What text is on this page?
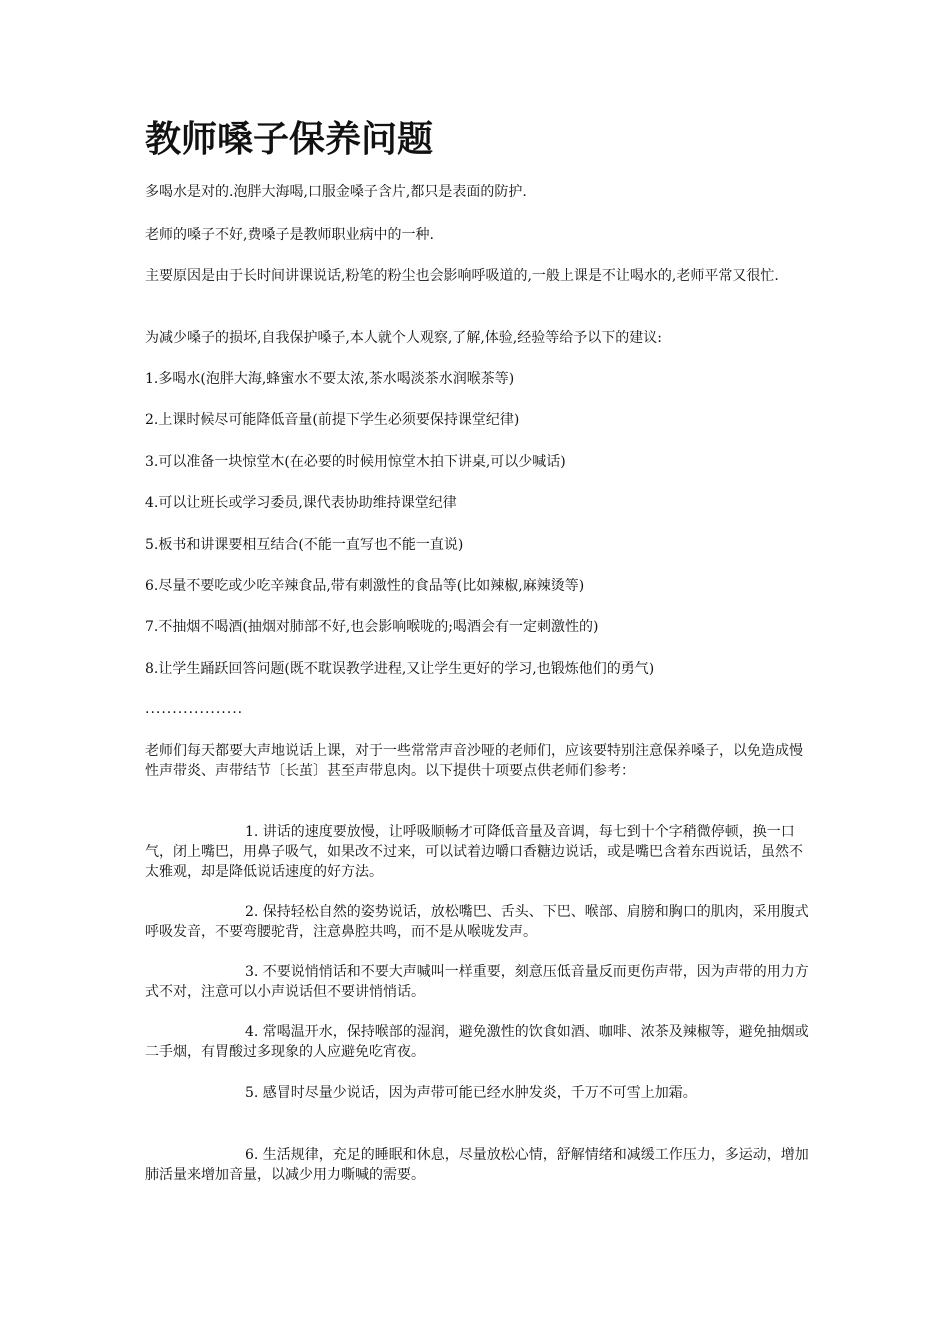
教师嗓子保养问题

多喝水是对的.泡胖大海喝,口服金嗓子含片,都只是表面的防护.

老师的嗓子不好,费嗓子是教师职业病中的一种.

主要原因是由于长时间讲课说话,粉笔的粉尘也会影响呼吸道的,一般上课是不让喝水的,老师平常又很忙.

为减少嗓子的损坏,自我保护嗓子,本人就个人观察,了解,体验,经验等给予以下的建议:

1.多喝水(泡胖大海,蜂蜜水不要太浓,茶水喝淡茶水润喉茶等)

2.上课时候尽可能降低音量(前提下学生必须要保持课堂纪律)

3.可以准备一块惊堂木(在必要的时候用惊堂木拍下讲桌,可以少喊话)

4.可以让班长或学习委员,课代表协助维持课堂纪律

5.板书和讲课要相互结合(不能一直写也不能一直说)

6.尽量不要吃或少吃辛辣食品,带有刺激性的食品等(比如辣椒,麻辣烫等)

7.不抽烟不喝酒(抽烟对肺部不好,也会影响喉咙的;喝酒会有一定刺激性的)

8.让学生踊跃回答问题(既不耽误教学进程,又让学生更好的学习,也锻炼他们的勇气)

..................

老师们每天都要大声地说话上课，对于一些常常声音沙哑的老师们，应该要特别注意保养嗓子，以免造成慢性声带炎、声带结节〔长茧〕甚至声带息肉。以下提供十项要点供老师们参考：

1. 讲话的速度要放慢，让呼吸顺畅才可降低音量及音调，每七到十个字稍微停顿，换一口气，闭上嘴巴，用鼻子吸气，如果改不过来，可以试着边嚼口香糖边说话，或是嘴巴含着东西说话，虽然不太雅观，却是降低说话速度的好方法。

2. 保持轻松自然的姿势说话，放松嘴巴、舌头、下巴、喉部、肩膀和胸口的肌肉，采用腹式呼吸发音，不要弯腰驼背，注意鼻腔共鸣，而不是从喉咙发声。

3. 不要说悄悄话和不要大声喊叫一样重要，刻意压低音量反而更伤声带，因为声带的用力方式不对，注意可以小声说话但不要讲悄悄话。

4. 常喝温开水，保持喉部的湿润，避免激性的饮食如酒、咖啡、浓茶及辣椒等，避免抽烟或二手烟，有胃酸过多现象的人应避免吃宵夜。

5. 感冒时尽量少说话，因为声带可能已经水肿发炎，千万不可雪上加霜。

6. 生活规律，充足的睡眠和休息，尽量放松心情，舒解情绪和减缓工作压力，多运动，增加肺活量来增加音量，以减少用力嘶喊的需要。
